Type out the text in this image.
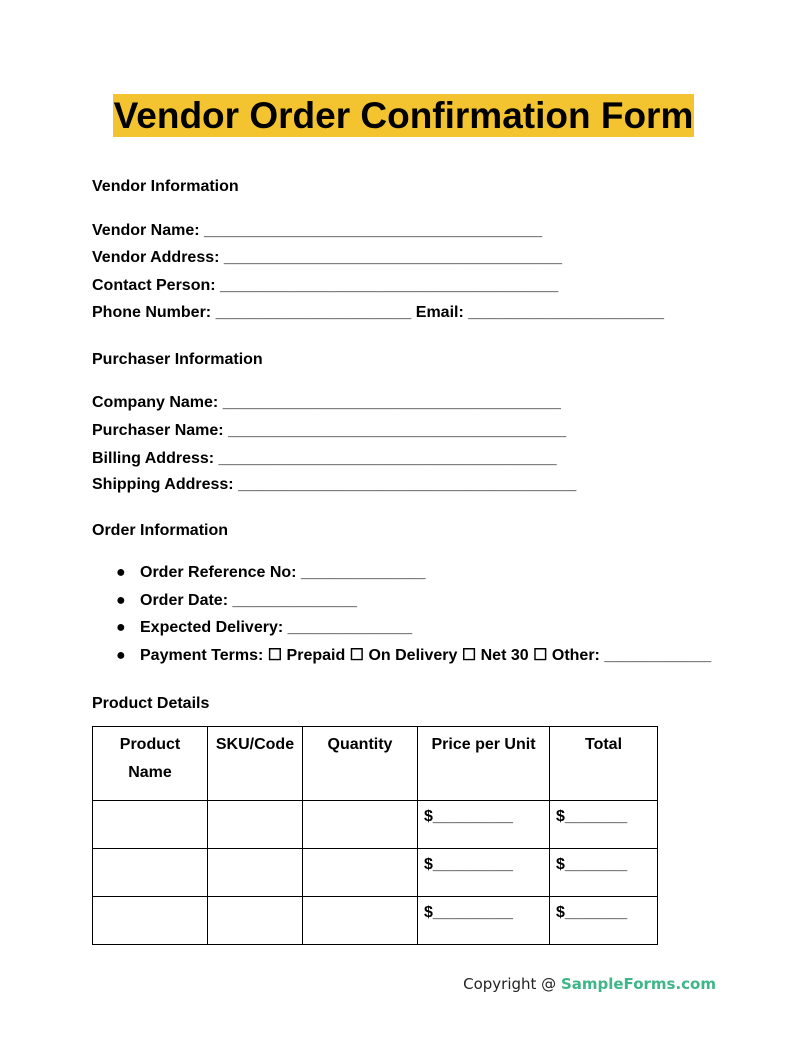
Vendor Order Confirmation Form
Vendor Information

Vendor Name: ______________________________________

Vendor Address: ______________________________________

Contact Person: ______________________________________

Phone Number: ______________________ Email: ______________________

Purchaser Information

Company Name: ______________________________________

Purchaser Name: ______________________________________

Billing Address: ______________________________________

Shipping Address: ______________________________________

Order Information
● Order Reference No: ______________
● Order Date: ______________
● Expected Delivery: ______________
● Payment Terms: ☐ Prepaid ☐ On Delivery ☐ Net 30 ☐ Other: ____________
Product Details
Product Name	SKU/Code	Quantity	Price per Unit	Total
			$_________	$_______
			$_________	$_______
			$_________	$_______
Copyright @ SampleForms.com
